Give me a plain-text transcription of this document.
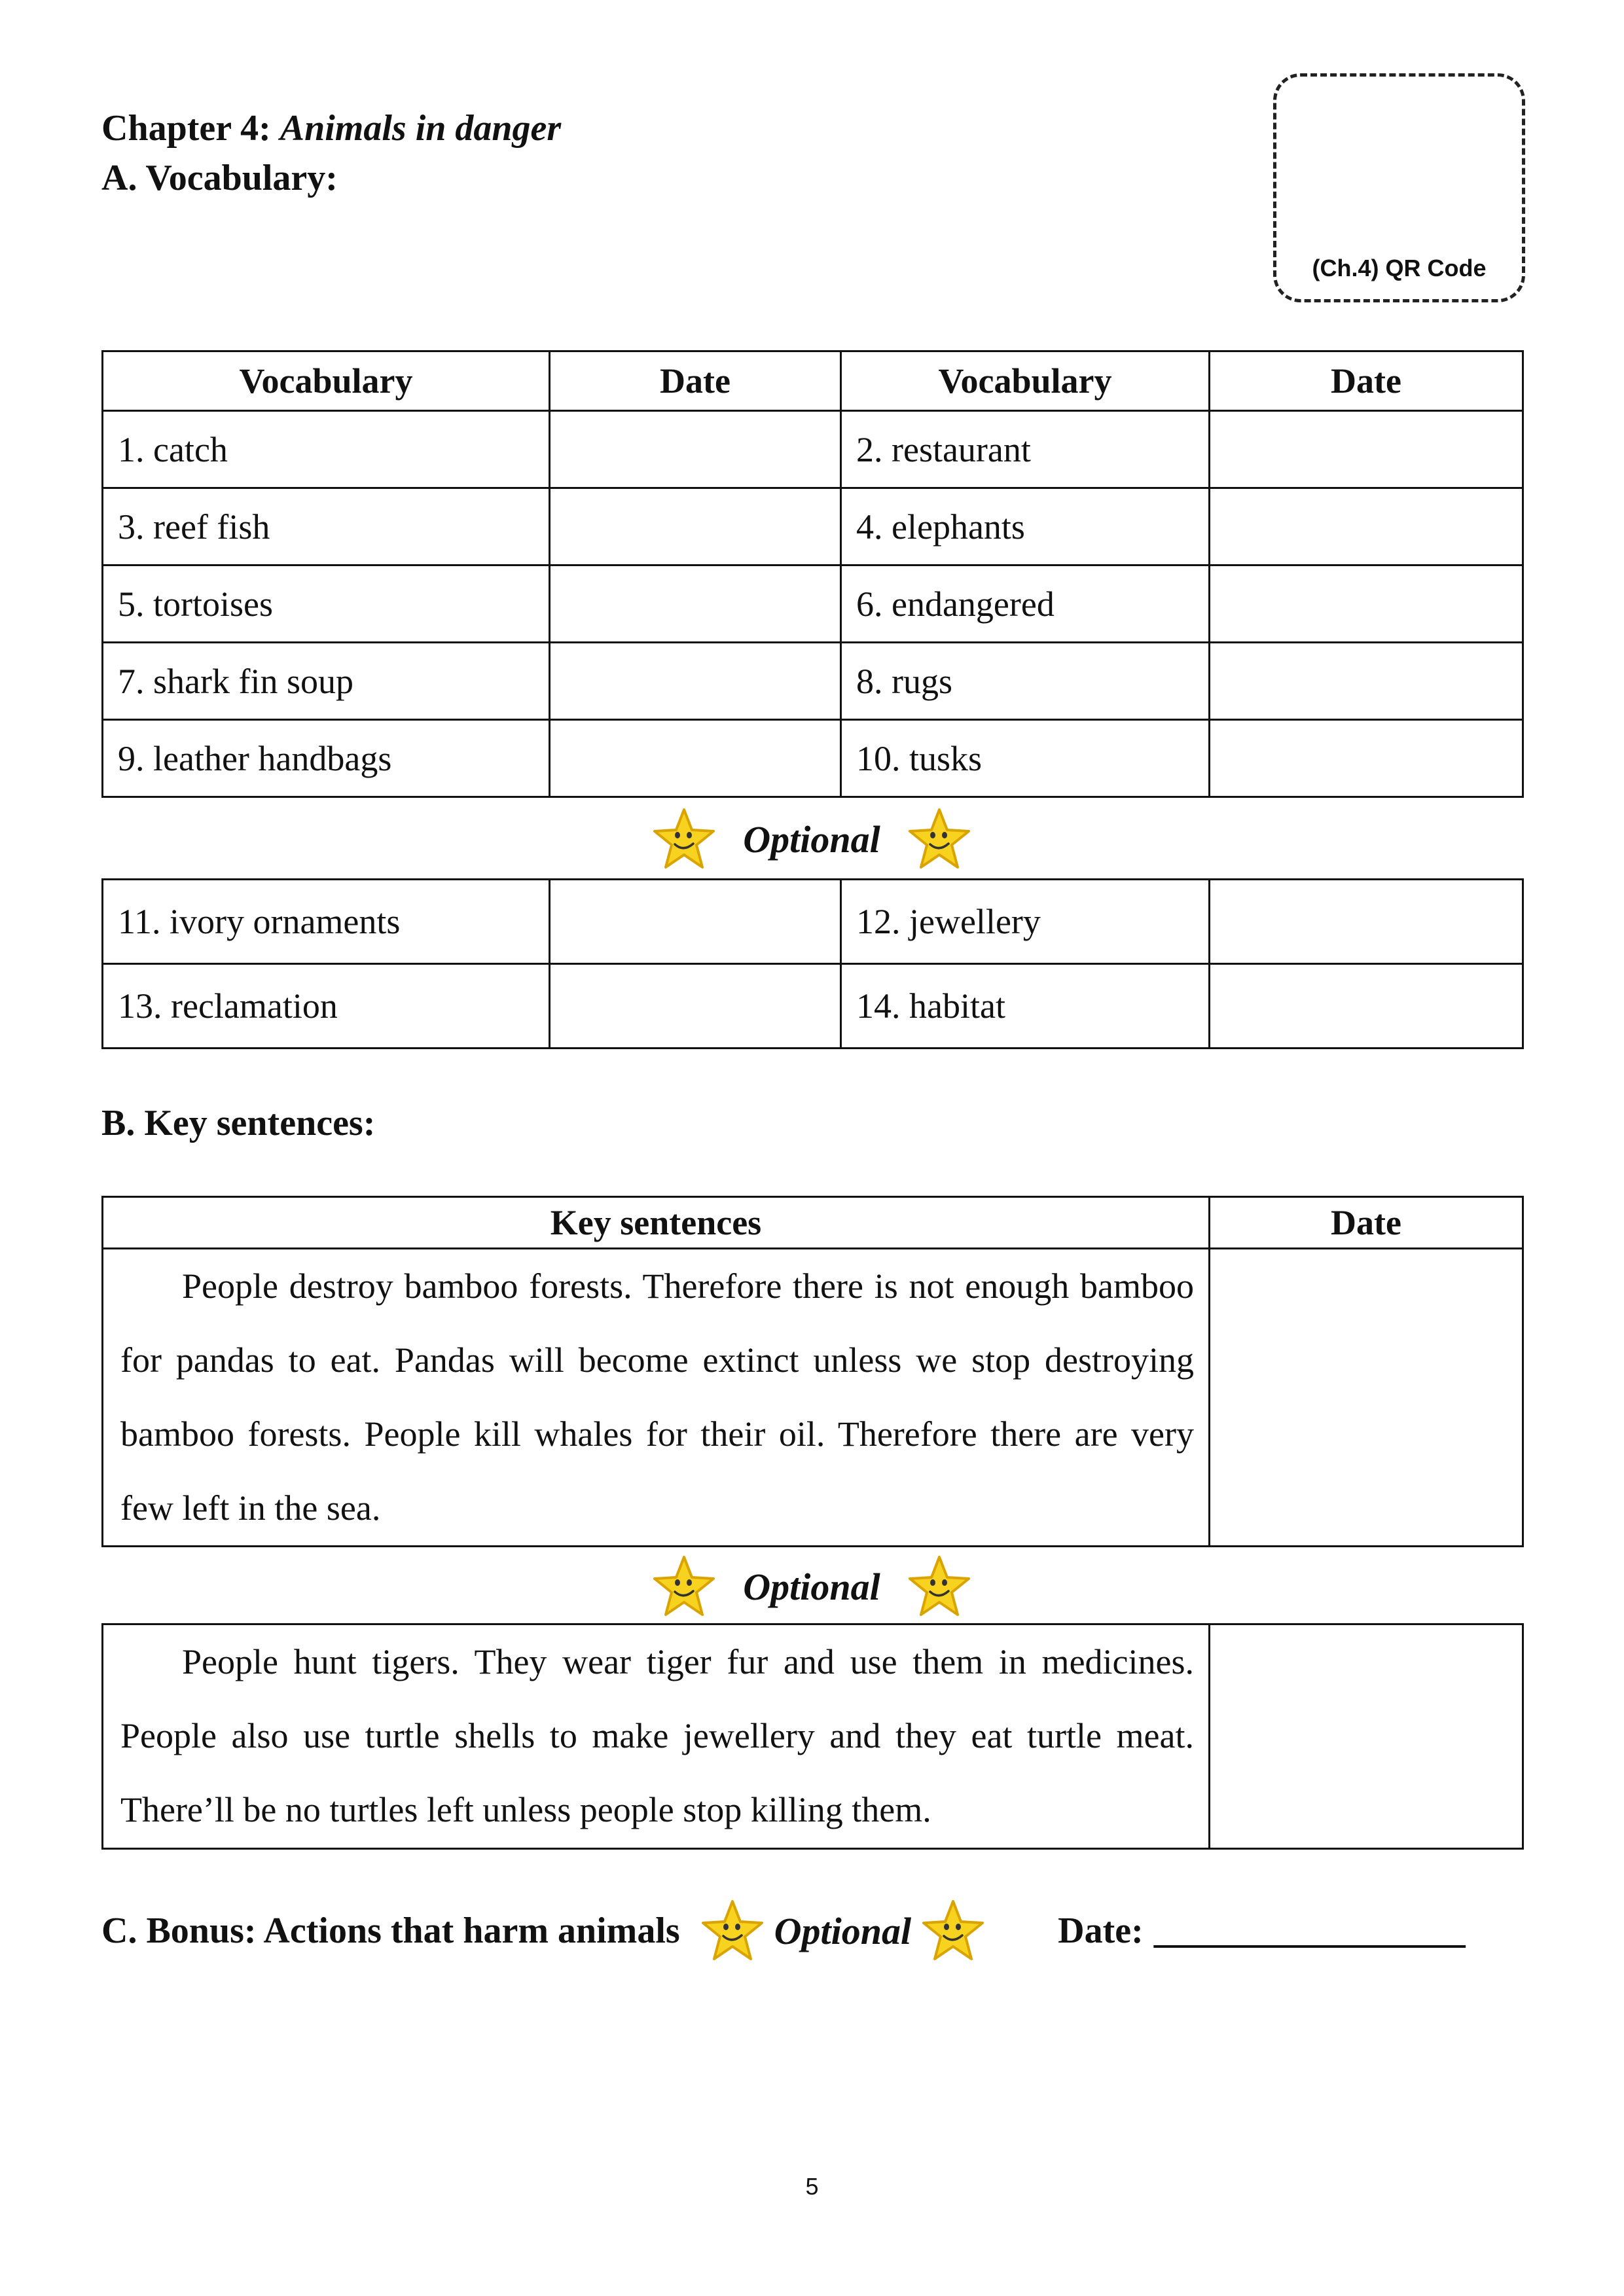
Chapter 4: Animals in danger
A. Vocabulary:
(Ch.4) QR Code
Vocabulary	Date	Vocabulary	Date
1. catch		2. restaurant	
3. reef fish		4. elephants	
5. tortoises		6. endangered	
7. shark fin soup		8. rugs	
9. leather handbags		10. tusks	
Optional
11. ivory ornaments		12. jewellery	
13. reclamation		14. habitat	
B. Key sentences:
Key sentences	Date

People destroy bamboo forests. Therefore there is not enough bamboo for pandas to eat. Pandas will become extinct unless we stop destroying bamboo forests. People kill whales for their oil. Therefore there are very few left in the sea.	

Optional

People hunt tigers. They wear tiger fur and use them in medicines. People also use turtle shells to make jewellery and they eat turtle meat. There’ll be no turtles left unless people stop killing them.

C. Bonus: Actions that harm animals Optional	Date: _________________
5
